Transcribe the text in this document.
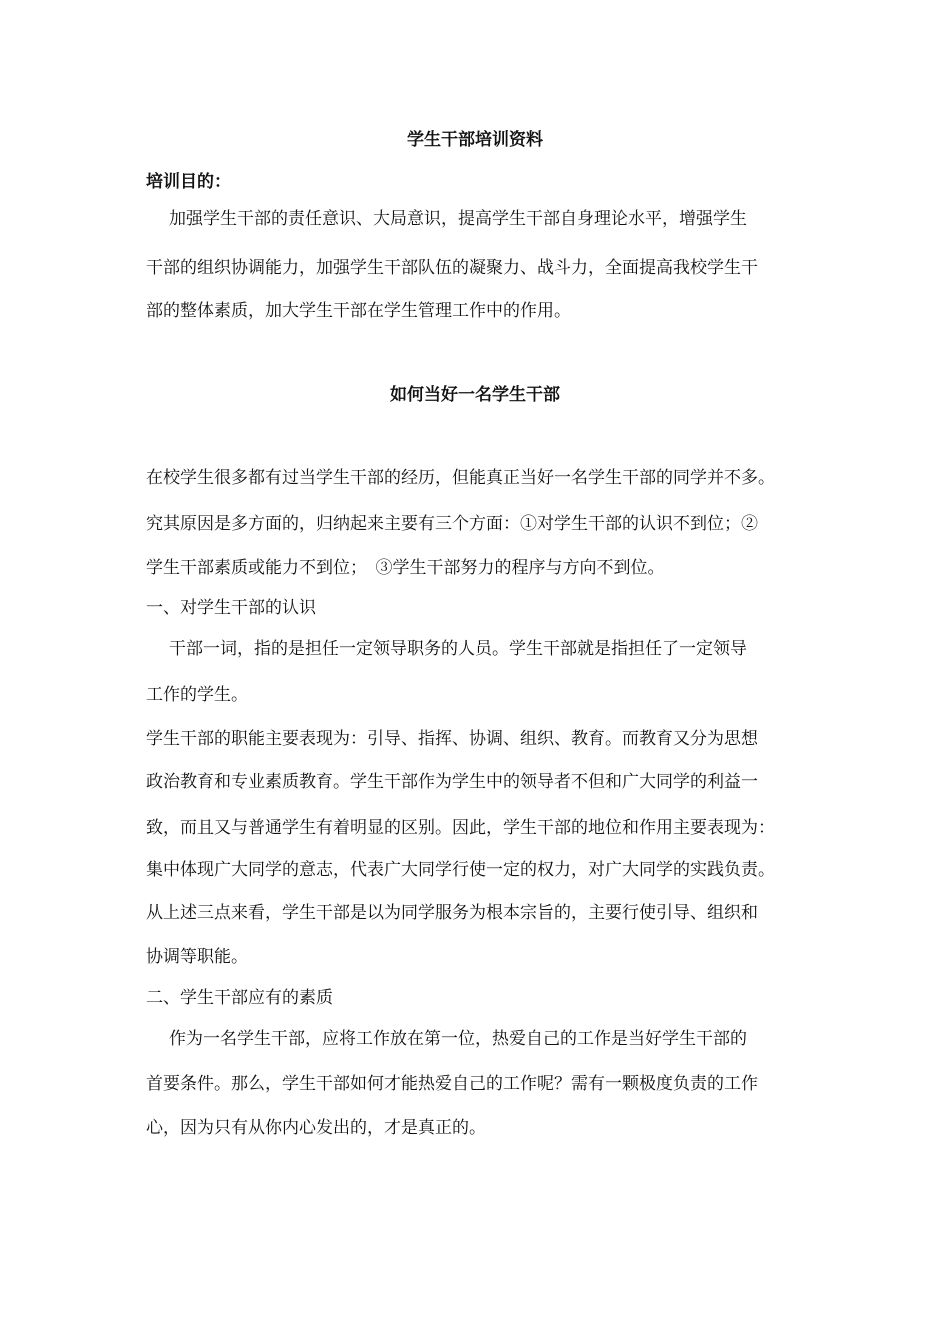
学生干部培训资料
培训目的：
加强学生干部的责任意识、大局意识，提高学生干部自身理论水平，增强学生
干部的组织协调能力，加强学生干部队伍的凝聚力、战斗力，全面提高我校学生干
部的整体素质，加大学生干部在学生管理工作中的作用。
如何当好一名学生干部
在校学生很多都有过当学生干部的经历，但能真正当好一名学生干部的同学并不多。
究其原因是多方面的，归纳起来主要有三个方面：①对学生干部的认识不到位；②
学生干部素质或能力不到位；　③学生干部努力的程序与方向不到位。
一、对学生干部的认识
干部一词，指的是担任一定领导职务的人员。学生干部就是指担任了一定领导
工作的学生。
学生干部的职能主要表现为：引导、指挥、协调、组织、教育。而教育又分为思想
政治教育和专业素质教育。学生干部作为学生中的领导者不但和广大同学的利益一
致，而且又与普通学生有着明显的区别。因此，学生干部的地位和作用主要表现为：
集中体现广大同学的意志，代表广大同学行使一定的权力，对广大同学的实践负责。
从上述三点来看，学生干部是以为同学服务为根本宗旨的，主要行使引导、组织和
协调等职能。
二、学生干部应有的素质
作为一名学生干部，应将工作放在第一位，热爱自己的工作是当好学生干部的
首要条件。那么，学生干部如何才能热爱自己的工作呢？需有一颗极度负责的工作
心，因为只有从你内心发出的，才是真正的。
